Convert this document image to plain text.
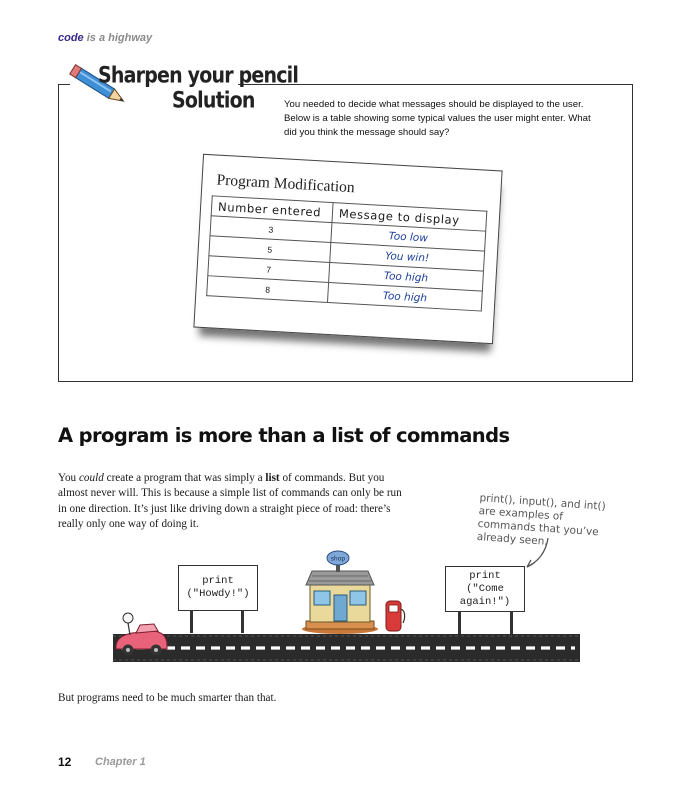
code is a highway
Sharpen your pencil
Solution	You needed to decide what messages should be displayed to the user. Below is a table showing some typical values the user might enter. What did you think the message should say?
Program Modification
Number entered	Message to display
3	Too low
5	You win!
7	Too high
8	Too high
A program is more than a list of commands
You could create a program that was simply a list of commands. But you almost never will. This is because a simple list of commands can only be run in one direction. It’s just like driving down a straight piece of road: there’s really only one way of doing it.
print(), input(), and int() are examples of commands that you’ve already seen.
print
("Howdy!")
print
("Come
again!")
shop
But programs need to be much smarter than that.
12 Chapter 1
